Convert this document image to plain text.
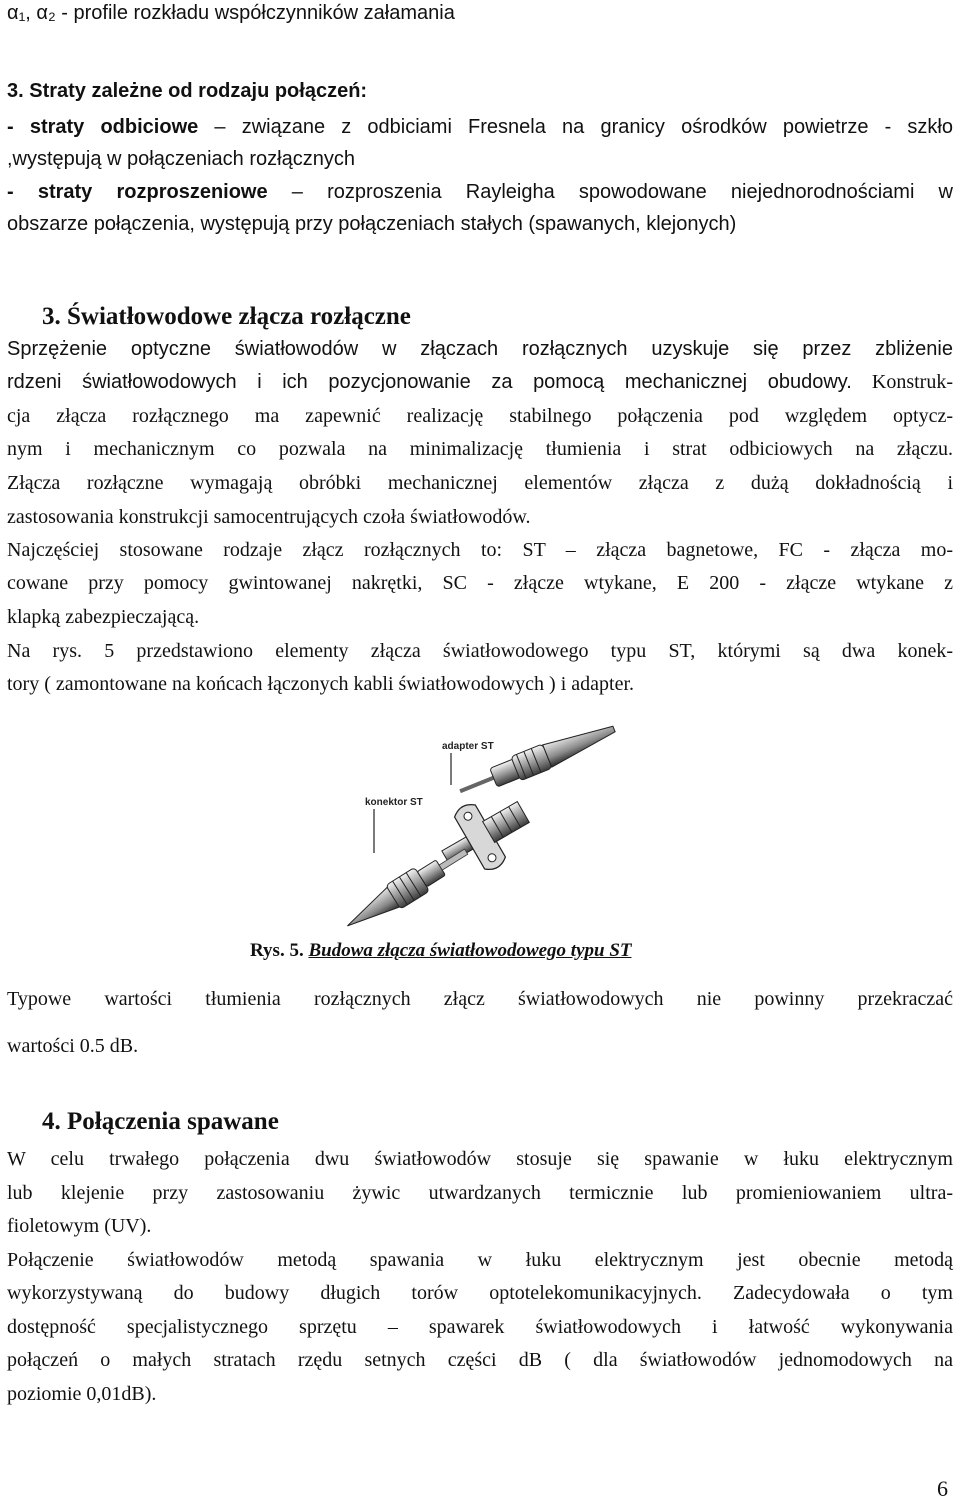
α₁, α₂ - profile rozkładu współczynników załamania
3. Straty zależne od rodzaju połączeń:
- straty odbiciowe – związane z odbiciami Fresnela na granicy ośrodków powietrze - szkło
,występują w połączeniach rozłącznych
- straty rozproszeniowe – rozproszenia Rayleigha spowodowane niejednorodnościami w
obszarze połączenia, występują przy połączeniach stałych (spawanych, klejonych)
3. Światłowodowe złącza rozłączne
Sprzężenie optyczne światłowodów w złączach rozłącznych uzyskuje się przez zbliżenie
rdzeni światłowodowych i ich pozycjonowanie za pomocą mechanicznej obudowy. Konstruk-
cja złącza rozłącznego ma zapewnić realizację stabilnego połączenia pod względem optycz-
nym i mechanicznym co pozwala na minimalizację tłumienia i strat odbiciowych na złączu.
Złącza rozłączne wymagają obróbki mechanicznej elementów złącza z dużą dokładnością i
zastosowania konstrukcji samocentrujących czoła światłowodów.
Najczęściej stosowane rodzaje złącz rozłącznych to: ST – złącza bagnetowe, FC - złącza mo-
cowane przy pomocy gwintowanej nakrętki, SC - złącze wtykane, E 200 - złącze wtykane z
klapką zabezpieczającą.
Na rys. 5 przedstawiono elementy złącza światłowodowego typu ST, którymi są dwa konek-
tory ( zamontowane na końcach łączonych kabli światłowodowych ) i adapter.
adapter ST
konektor ST
Rys. 5. Budowa złącza światłowodowego typu ST
Typowe wartości tłumienia rozłącznych złącz światłowodowych nie powinny przekraczać
wartości 0.5 dB.
4. Połączenia spawane
W celu trwałego połączenia dwu światłowodów stosuje się spawanie w łuku elektrycznym
lub klejenie przy zastosowaniu żywic utwardzanych termicznie lub promieniowaniem ultra-
fioletowym (UV).
Połączenie światłowodów metodą spawania w łuku elektrycznym jest obecnie metodą
wykorzystywaną do budowy długich torów optotelekomunikacyjnych. Zadecydowała o tym
dostępność specjalistycznego sprzętu – spawarek światłowodowych i łatwość wykonywania
połączeń o małych stratach rzędu setnych części dB ( dla światłowodów jednomodowych na
poziomie 0,01dB).
6
